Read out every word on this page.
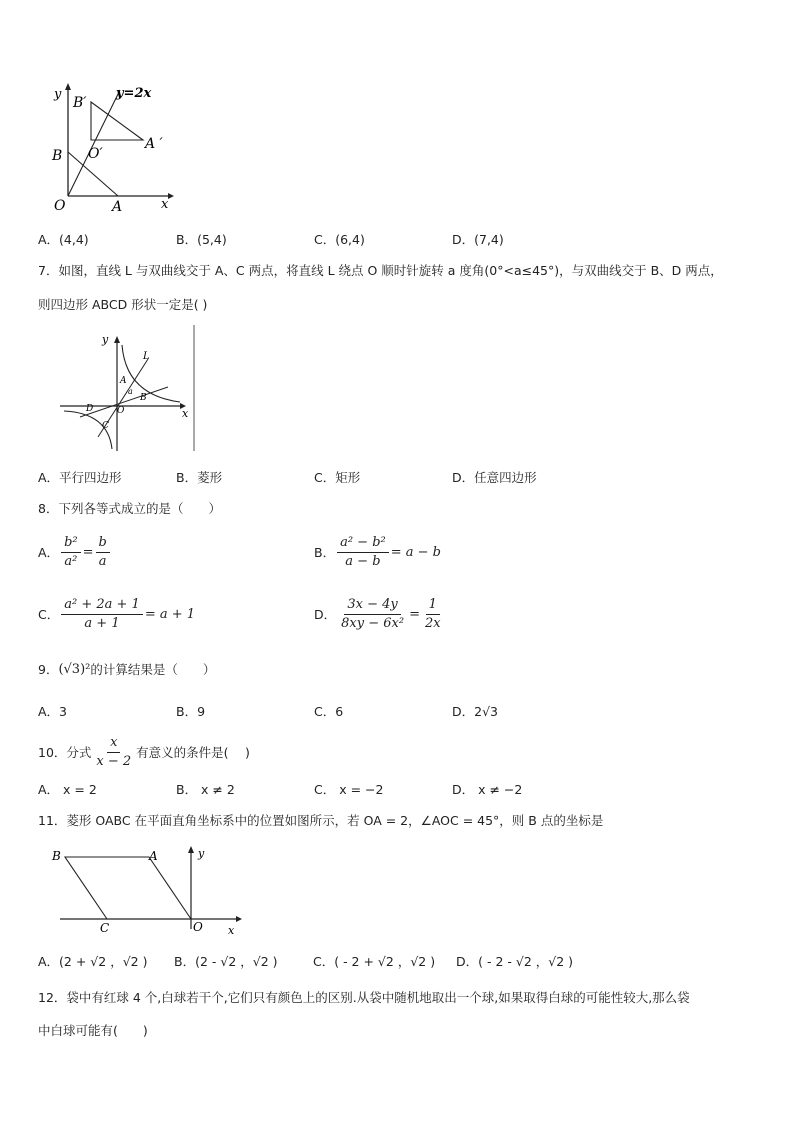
y
x
O	A
B
B′
O′
A ′
y=2x
A．(4,4)	B．(5,4)	C．(6,4)	D．(7,4)
7．如图，直线 L 与双曲线交于 A、C 两点，将直线 L 绕点 O 顺时针旋转 a 度角(0°<a≤45°)，与双曲线交于 B、D 两点，
则四边形 ABCD 形状一定是( )
L
y
x
A
B
a
C
D	O
A．平行四边形	B．菱形	C．矩形	D．任意四边形
8．下列各等式成立的是（　　）
A． $\frac{\text{b²}}{\text{a²}} = \frac{b}{a}$	B． $\frac{\text{a² − b²}}{a - b} = a - b$
C． $\frac{\text{a² + 2a + 1}}{a + 1} = a + 1$	D． $\frac{3x - 4y}{\text{8xy − 6x²}} = \frac{1}{2x}$
9． (√3)² 的计算结果是（　　）
A．3	B．9	C．6	D．2√3
10．分式 $\frac{x}{x - 2}$ 有意义的条件是(　 )
A． x = 2	B． x ≠ 2	C． x = −2	D． x ≠ −2
11．菱形 OABC 在平面直角坐标系中的位置如图所示，若 OA = 2，∠AOC = 45°，则 B 点的坐标是
B	A
C	O x
y
A．(2 + √2 ，√2 ) B．(2 - √2 ，√2 )	C．( - 2 + √2 ，√2 ) D．( - 2 - √2 ，√2 )
12．袋中有红球 4 个,白球若干个,它们只有颜色上的区别.从袋中随机地取出一个球,如果取得白球的可能性较大,那么袋
中白球可能有(　　)
